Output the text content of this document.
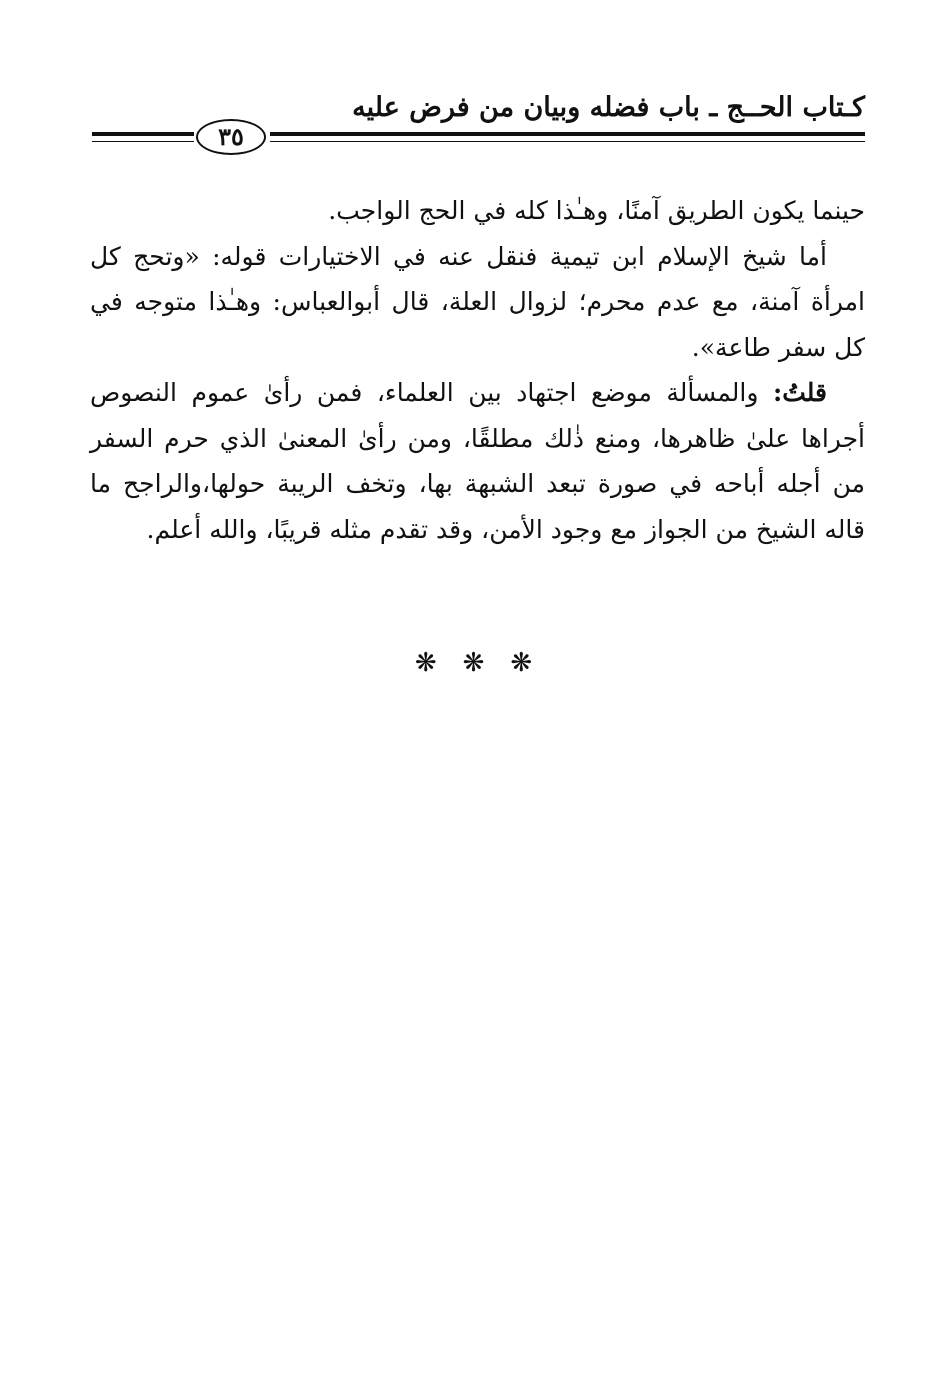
كـتاب الحــج ـ باب فضله وبيان من فرض عليه
٣٥

حينما يكون الطريق آمنًا، وهـٰذا كله في الحج الواجب.

أما شيخ الإسلام ابن تيمية فنقل عنه في الاختيارات قوله: «وتحج كل امرأة آمنة، مع عدم محرم؛ لزوال العلة، قال أبوالعباس: وهـٰذا متوجه في كل سفر طاعة».

قلتُ: والمسألة موضع اجتهاد بين العلماء، فمن رأىٰ عموم النصوص أجراها علىٰ ظاهرها، ومنع ذٰلك مطلقًا، ومن رأىٰ المعنىٰ الذي حرم السفر من أجله أباحه في صورة تبعد الشبهة بها، وتخف الريبة حولها،والراجح ما قاله الشيخ من الجواز مع وجود الأمن، وقد تقدم مثله قريبًا، والله أعلم.

❋❋❋
